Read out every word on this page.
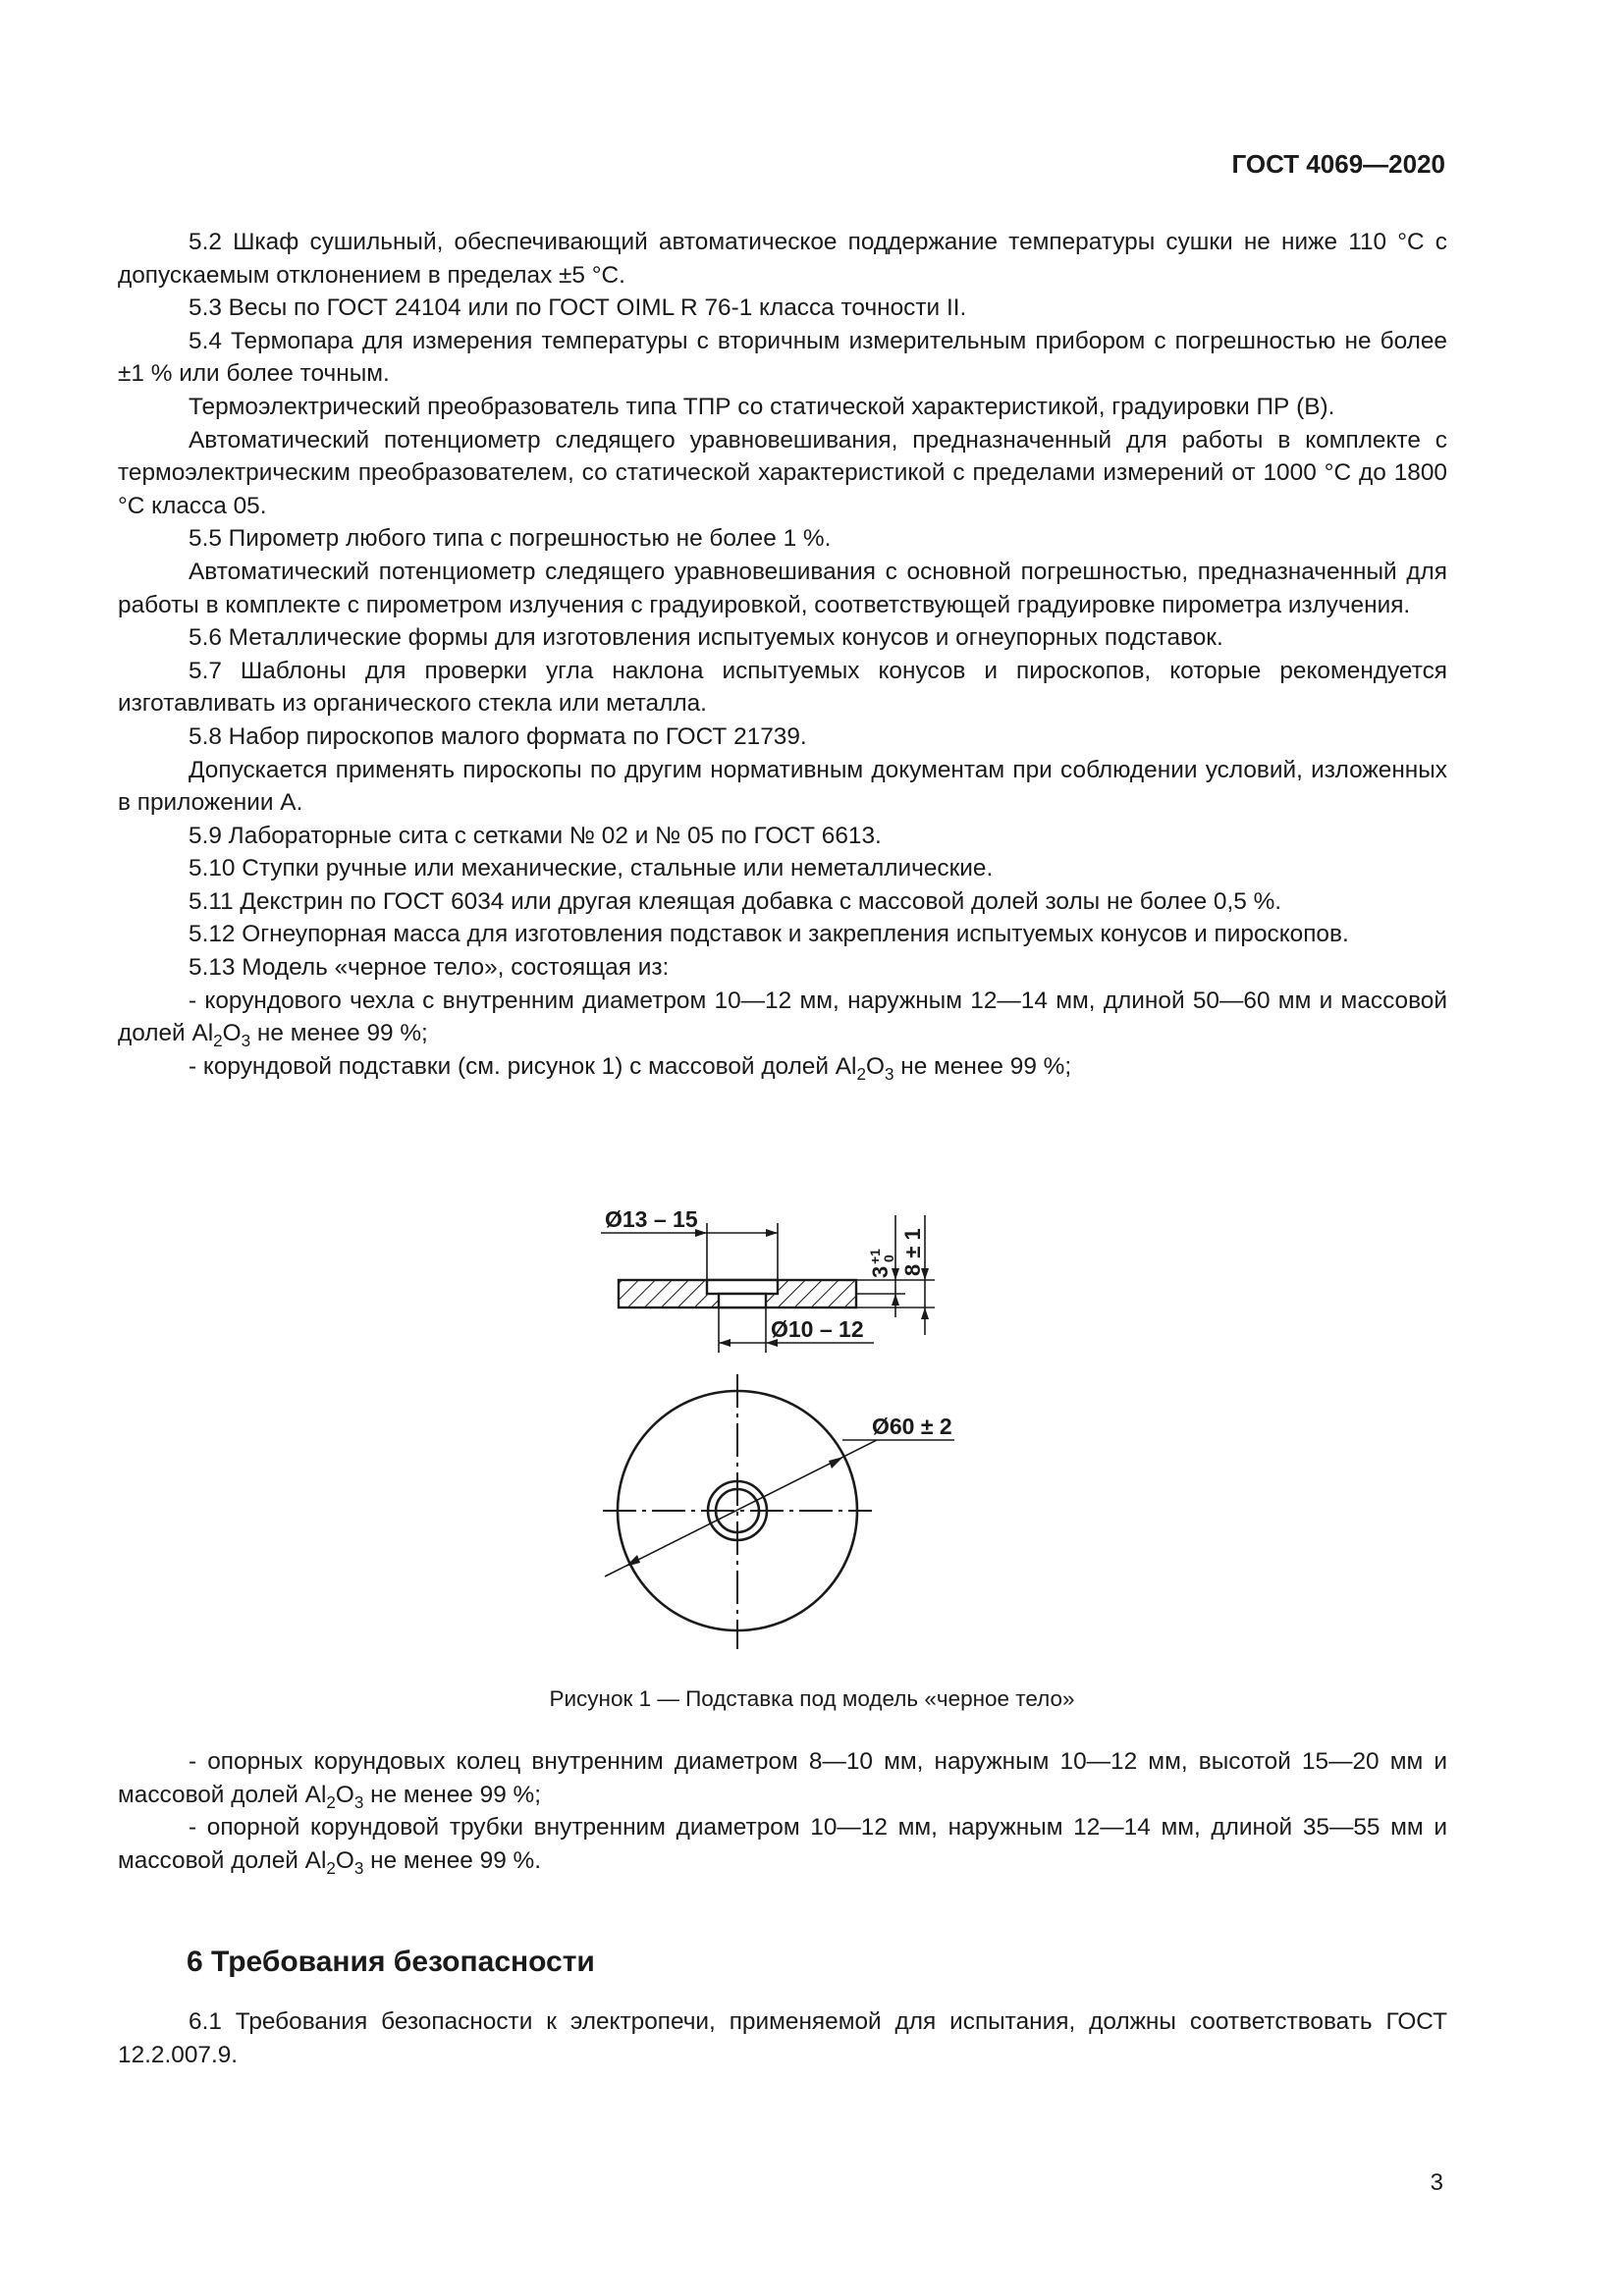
ГОСТ 4069—2020

5.2 Шкаф сушильный, обеспечивающий автоматическое поддержание температуры сушки не ниже 110 °С с допускаемым отклонением в пределах ±5 °С.

5.3 Весы по ГОСТ 24104 или по ГОСТ OIML R 76-1 класса точности II.

5.4 Термопара для измерения температуры с вторичным измерительным прибором с погрешностью не более ±1 % или более точным.

Термоэлектрический преобразователь типа ТПР со статической характеристикой, градуировки ПР (В).

Автоматический потенциометр следящего уравновешивания, предназначенный для работы в комплекте с термоэлектрическим преобразователем, со статической характеристикой с пределами измерений от 1000 °С до 1800 °С класса 05.

5.5 Пирометр любого типа с погрешностью не более 1 %.

Автоматический потенциометр следящего уравновешивания с основной погрешностью, предназначенный для работы в комплекте с пирометром излучения с градуировкой, соответствующей градуировке пирометра излучения.

5.6 Металлические формы для изготовления испытуемых конусов и огнеупорных подставок.

5.7 Шаблоны для проверки угла наклона испытуемых конусов и пироскопов, которые рекомендуется изготавливать из органического стекла или металла.

5.8 Набор пироскопов малого формата по ГОСТ 21739.

Допускается применять пироскопы по другим нормативным документам при соблюдении условий, изложенных в приложении А.

5.9 Лабораторные сита с сетками № 02 и № 05 по ГОСТ 6613.

5.10 Ступки ручные или механические, стальные или неметаллические.

5.11 Декстрин по ГОСТ 6034 или другая клеящая добавка с массовой долей золы не более 0,5 %.

5.12 Огнеупорная масса для изготовления подставок и закрепления испытуемых конусов и пироскопов.

5.13 Модель «черное тело», состоящая из:

- корундового чехла с внутренним диаметром 10—12 мм, наружным 12—14 мм, длиной 50—60 мм и массовой долей $Al_2O_3$ не менее 99 %;

- корундовой подставки (см. рисунок 1) с массовой долей $Al_2O_3$ не менее 99 %;

Ø13 – 15
Ø10 – 12
3
+1
0 8 ± 1
Ø60 ± 2
Рисунок 1 — Подставка под модель «черное тело»

- опорных корундовых колец внутренним диаметром 8—10 мм, наружным 10—12 мм, высотой 15—20 мм и массовой долей $Al_2O_3$ не менее 99 %;

- опорной корундовой трубки внутренним диаметром 10—12 мм, наружным 12—14 мм, длиной 35—55 мм и массовой долей $Al_2O_3$ не менее 99 %.

6 Требования безопасности

6.1 Требования безопасности к электропечи, применяемой для испытания, должны соответствовать ГОСТ 12.2.007.9.

3
